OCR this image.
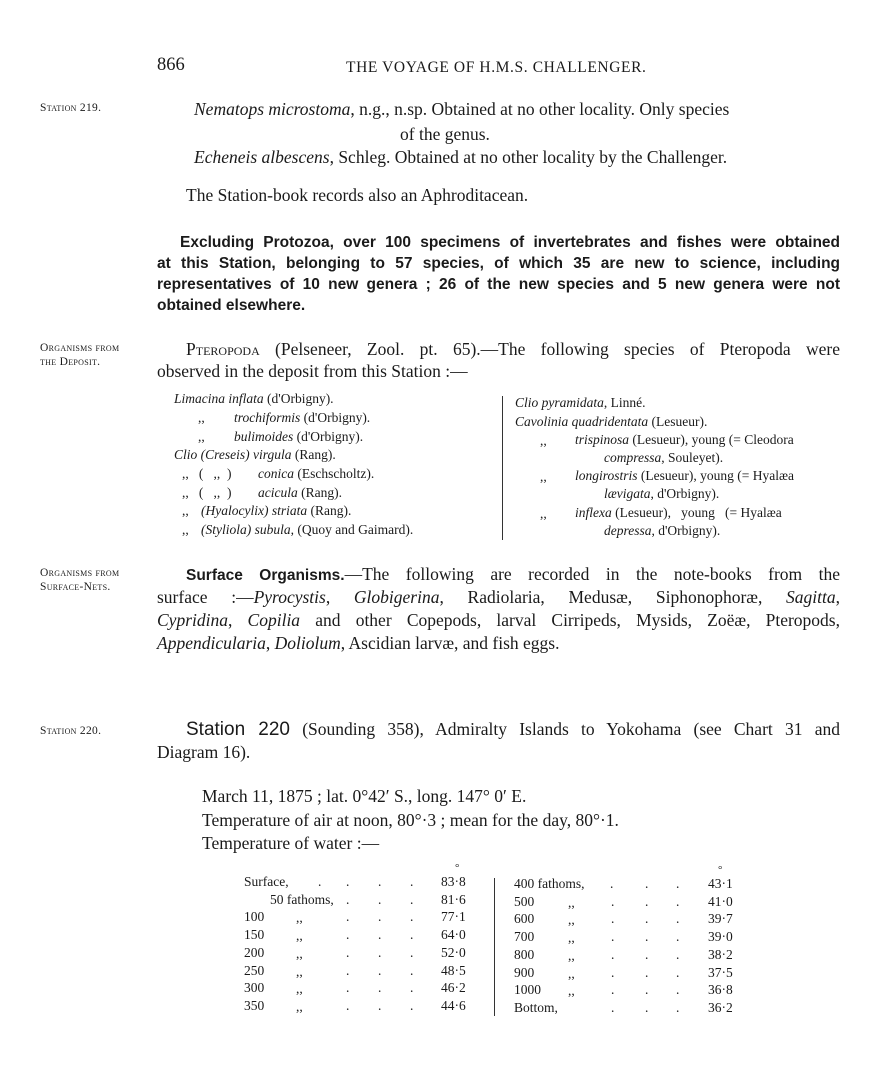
866	THE VOYAGE OF H.M.S. CHALLENGER.
Station 219.	Nematops microstoma, n.g., n.sp. Obtained at no other locality. Only species
of the genus.
Echeneis albescens, Schleg. Obtained at no other locality by the Challenger.
The Station-book records also an Aphroditacean.
Excluding Protozoa, over 100 specimens of invertebrates and fishes were obtained
at this Station, belonging to 57 species, of which 35 are new to science, including
representatives of 10 new genera ; 26 of the new species and 5 new genera were not
obtained elsewhere.
Organisms from
the Deposit.
Pteropoda (Pelseneer, Zool. pt. 65).—The following species of Pteropoda were
observed in the deposit from this Station :—
Limacina inflata (d'Orbigny).
,, trochiformis (d'Orbigny).
,, bulimoides (d'Orbigny).
Clio (Creseis) virgula (Rang).
,,   (   ,,  ) conica (Eschscholtz).
,,   (   ,,  ) acicula (Rang).
,, (Hyalocylix) striata (Rang).
,, (Styliola) subula, (Quoy and Gaimard).
Clio pyramidata, Linné.
Cavolinia quadridentata (Lesueur).
,, trispinosa (Lesueur), young (= Cleodora
compressa, Souleyet).
,, longirostris (Lesueur), young (= Hyalæa
lævigata, d'Orbigny).
,, inflexa (Lesueur),   young   (= Hyalæa
depressa, d'Orbigny).
Organisms from
Surface-Nets.
Surface Organisms.—The following are recorded in the note-books from the
surface :—Pyrocystis, Globigerina, Radiolaria, Medusæ, Siphonophoræ, Sagitta,
Cypridina, Copilia and other Copepods, larval Cirripeds, Mysids, Zoëæ, Pteropods,
Appendicularia, Doliolum, Ascidian larvæ, and fish eggs.
Station 220.	Station 220 (Sounding 358), Admiralty Islands to Yokohama (see Chart 31 and
Diagram 16).
March 11, 1875 ; lat. 0°42′ S., long. 147° 0′ E.
Temperature of air at noon, 80°·3 ; mean for the day, 80°·1.
Temperature of water :—
°	°
Surface, . . . . 83·8
50 fathoms, . . . 81·6
100 ,,	. . . 77·1
150 ,,	. . . 64·0
200 ,,	. . . 52·0
250 ,,	. . . 48·5
300 ,,	. . . 46·2
350 ,,	. . . 44·6
400 fathoms, . . . 43·1
500	,,	. . . 41·0
600	,,	. . . 39·7
700	,,	. . . 39·0
800	,,	. . . 38·2
900	,,	. . . 37·5
1000 ,,	. . . 36·8
Bottom,	. . . 36·2
